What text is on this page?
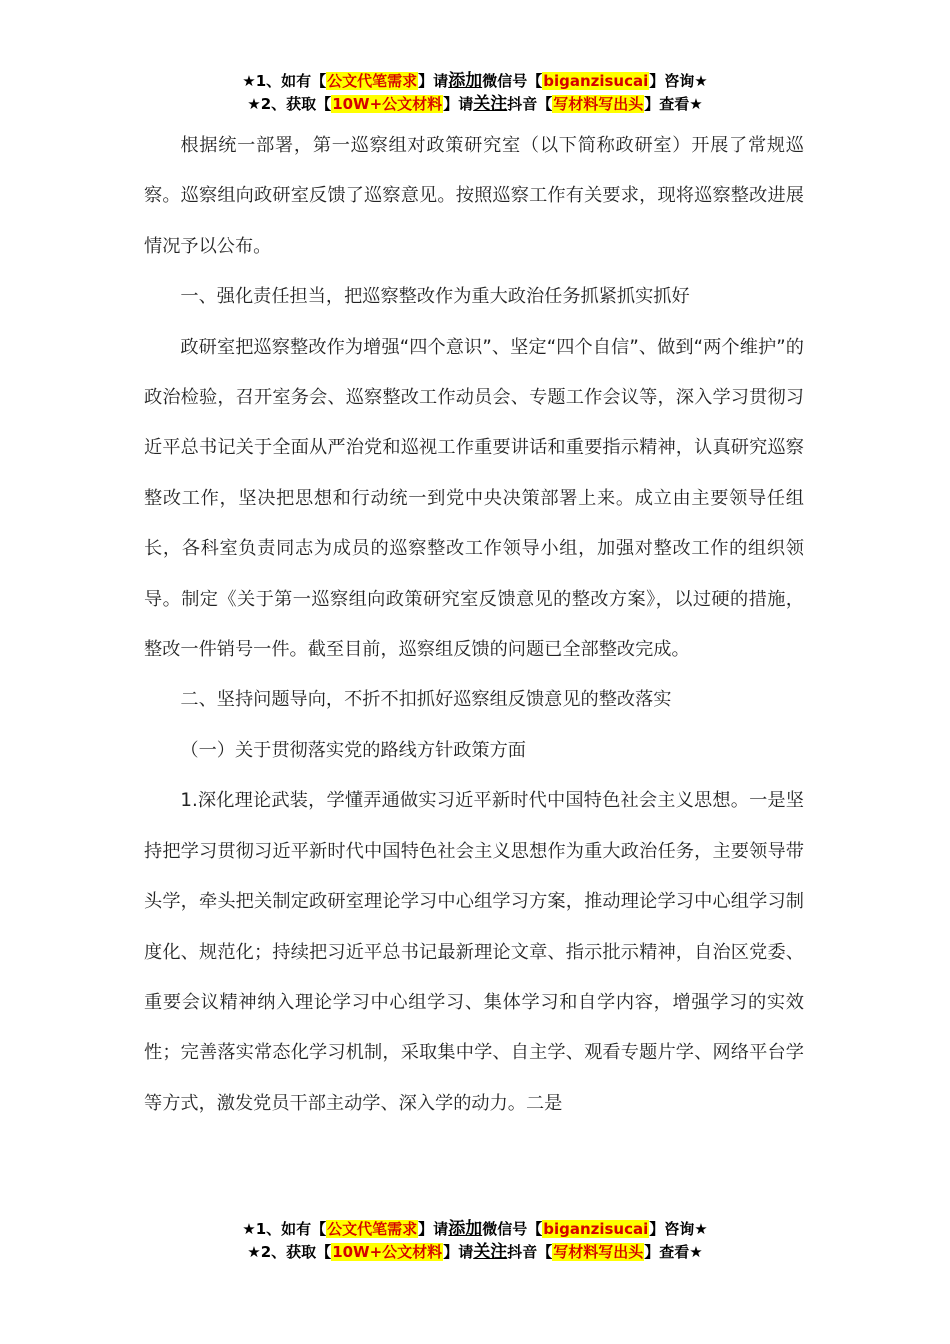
★1、如有【公文代笔需求】请添加微信号【biganzisucai】咨询★
★2、获取【10W+公文材料】请关注抖音【写材料写出头】查看★

根据统一部署，第一巡察组对政策研究室（以下简称政研室）开展了常规巡察。巡察组向政研室反馈了巡察意见。按照巡察工作有关要求，现将巡察整改进展情况予以公布。

一、强化责任担当，把巡察整改作为重大政治任务抓紧抓实抓好

政研室把巡察整改作为增强“四个意识”、坚定“四个自信”、做到“两个维护”的政治检验，召开室务会、巡察整改工作动员会、专题工作会议等，深入学习贯彻习近平总书记关于全面从严治党和巡视工作重要讲话和重要指示精神，认真研究巡察整改工作，坚决把思想和行动统一到党中央决策部署上来。成立由主要领导任组长，各科室负责同志为成员的巡察整改工作领导小组，加强对整改工作的组织领导。制定《关于第一巡察组向政策研究室反馈意见的整改方案》，以过硬的措施，整改一件销号一件。截至目前，巡察组反馈的问题已全部整改完成。

二、坚持问题导向，不折不扣抓好巡察组反馈意见的整改落实

（一）关于贯彻落实党的路线方针政策方面

1.深化理论武装，学懂弄通做实习近平新时代中国特色社会主义思想。一是坚持把学习贯彻习近平新时代中国特色社会主义思想作为重大政治任务，主要领导带头学，牵头把关制定政研室理论学习中心组学习方案，推动理论学习中心组学习制度化、规范化；持续把习近平总书记最新理论文章、指示批示精神，自治区党委、重要会议精神纳入理论学习中心组学习、集体学习和自学内容，增强学习的实效性；完善落实常态化学习机制，采取集中学、自主学、观看专题片学、网络平台学等方式，激发党员干部主动学、深入学的动力。二是

★1、如有【公文代笔需求】请添加微信号【biganzisucai】咨询★
★2、获取【10W+公文材料】请关注抖音【写材料写出头】查看★
